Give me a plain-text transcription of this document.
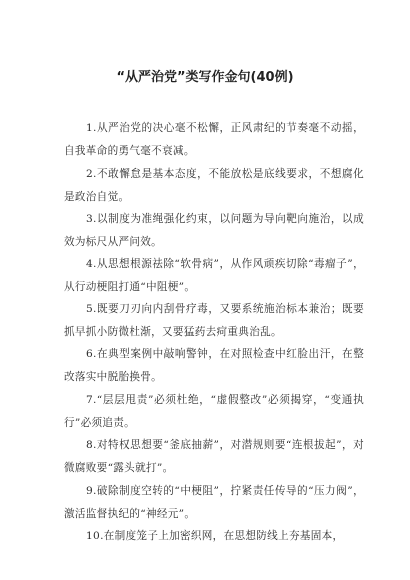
“从严治党”类写作金句(40例)

1.从严治党的决心毫不松懈，正风肃纪的节奏毫不动摇，自我革命的勇气毫不衰减。

2.不敢懈怠是基本态度，不能放松是底线要求，不想腐化是政治自觉。

3.以制度为准绳强化约束，以问题为导向靶向施治，以成效为标尺从严问效。

4.从思想根源祛除“软骨病”，从作风顽疾切除“毒瘤子”，从行动梗阻打通“中阻梗”。

5.既要刀刃向内刮骨疗毒，又要系统施治标本兼治；既要抓早抓小防微杜渐，又要猛药去疴重典治乱。

6.在典型案例中敲响警钟，在对照检查中红脸出汗，在整改落实中脱胎换骨。

7.“层层甩责”必须杜绝，“虚假整改”必须揭穿，“变通执行”必须追责。

8.对特权思想要“釜底抽薪”，对潜规则要“连根拔起”，对微腐败要“露头就打”。

9.破除制度空转的“中梗阻”，拧紧责任传导的“压力阀”，激活监督执纪的“神经元”。

10.在制度笼子上加密织网，在思想防线上夯基固本，
